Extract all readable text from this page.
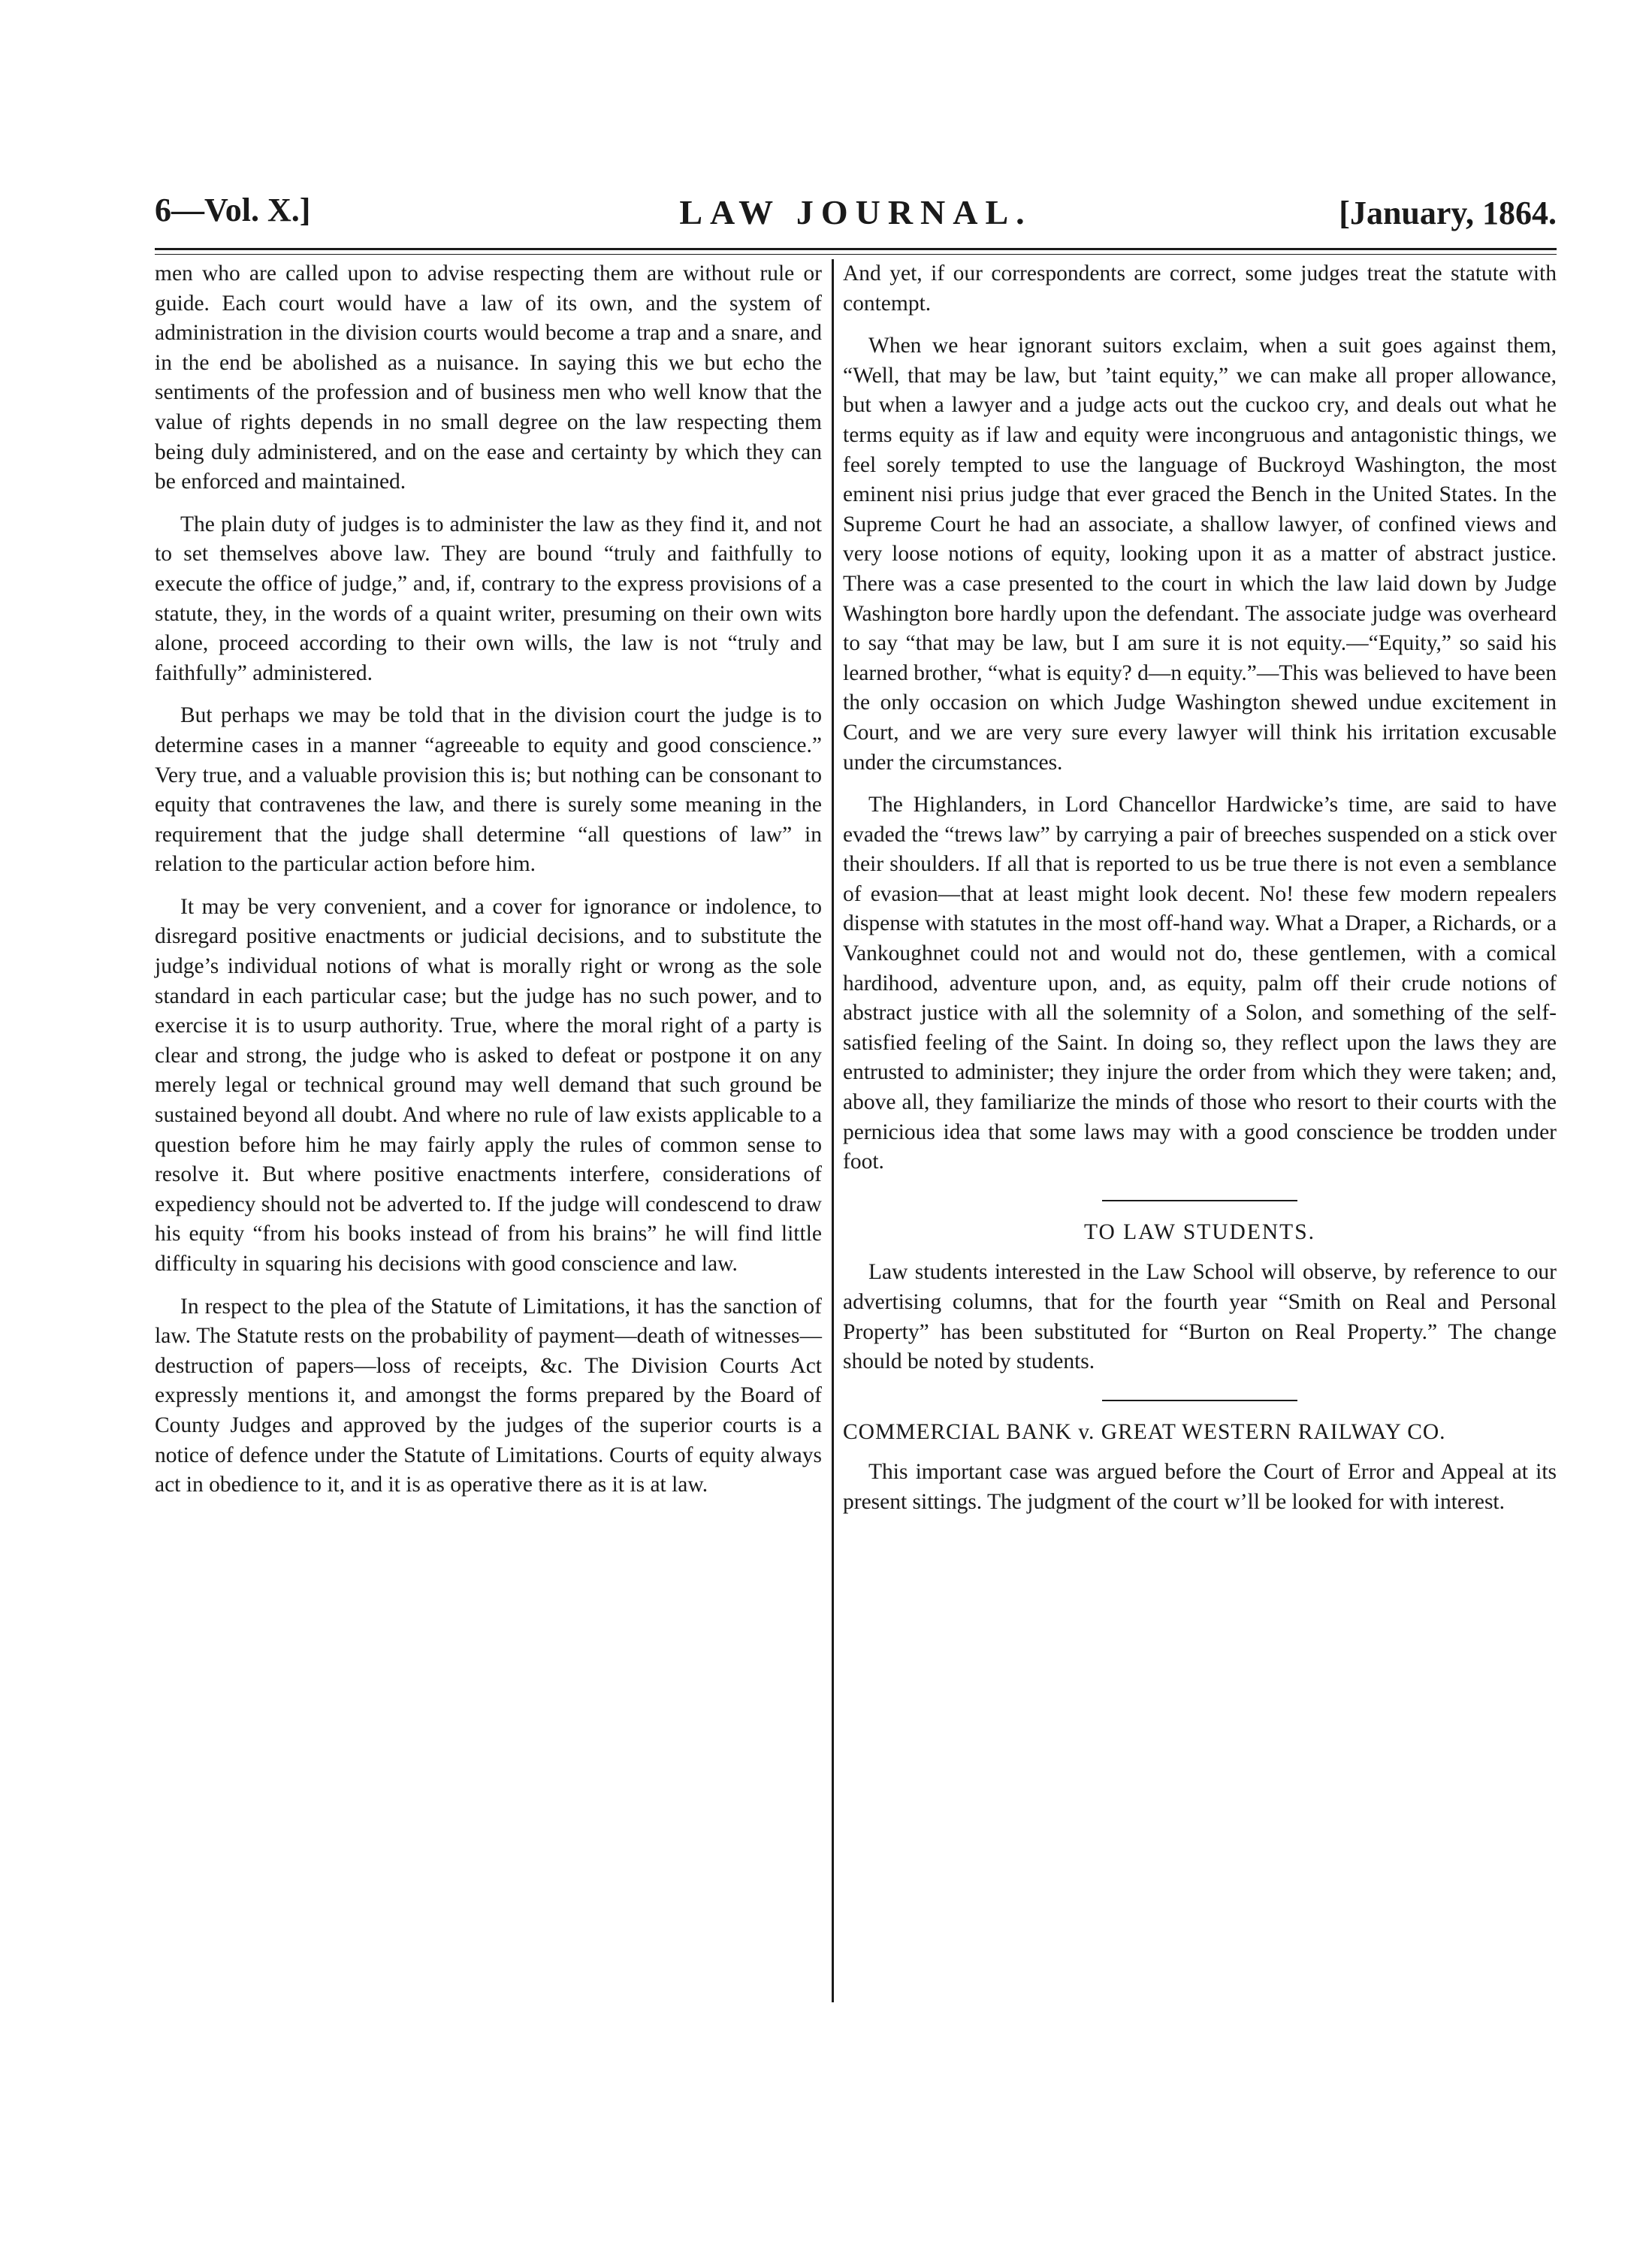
6—Vol. X.]	LAW JOURNAL.	[January, 1864.

men who are called upon to advise respecting them are without rule or guide. Each court would have a law of its own, and the system of administration in the division courts would become a trap and a snare, and in the end be abolished as a nuisance. In saying this we but echo the sentiments of the profession and of business men who well know that the value of rights depends in no small degree on the law respecting them being duly administered, and on the ease and certainty by which they can be enforced and maintained.

The plain duty of judges is to administer the law as they find it, and not to set themselves above law. They are bound “truly and faithfully to execute the office of judge,” and, if, contrary to the express provisions of a statute, they, in the words of a quaint writer, presuming on their own wits alone, proceed according to their own wills, the law is not “truly and faithfully” administered.

But perhaps we may be told that in the division court the judge is to determine cases in a manner “agreeable to equity and good conscience.” Very true, and a valuable provision this is; but nothing can be consonant to equity that contravenes the law, and there is surely some meaning in the requirement that the judge shall determine “all questions of law” in relation to the particular action before him.

It may be very convenient, and a cover for ignorance or indolence, to disregard positive enactments or judicial decisions, and to substitute the judge’s individual notions of what is morally right or wrong as the sole standard in each particular case; but the judge has no such power, and to exercise it is to usurp authority. True, where the moral right of a party is clear and strong, the judge who is asked to defeat or postpone it on any merely legal or technical ground may well demand that such ground be sustained beyond all doubt. And where no rule of law exists applicable to a question before him he may fairly apply the rules of common sense to resolve it. But where positive enactments interfere, considerations of expediency should not be adverted to. If the judge will condescend to draw his equity “from his books instead of from his brains” he will find little difficulty in squaring his decisions with good conscience and law.

In respect to the plea of the Statute of Limitations, it has the sanction of law. The Statute rests on the probability of payment—death of witnesses—destruction of papers—loss of receipts, &c. The Division Courts Act expressly mentions it, and amongst the forms prepared by the Board of County Judges and approved by the judges of the superior courts is a notice of defence under the Statute of Limitations. Courts of equity always act in obedience to it, and it is as operative there as it is at law.

And yet, if our correspondents are correct, some judges treat the statute with contempt.

When we hear ignorant suitors exclaim, when a suit goes against them, “Well, that may be law, but ’taint equity,” we can make all proper allowance, but when a lawyer and a judge acts out the cuckoo cry, and deals out what he terms equity as if law and equity were incongruous and antagonistic things, we feel sorely tempted to use the language of Buckroyd Washington, the most eminent nisi prius judge that ever graced the Bench in the United States. In the Supreme Court he had an associate, a shallow lawyer, of confined views and very loose notions of equity, looking upon it as a matter of abstract justice. There was a case presented to the court in which the law laid down by Judge Washington bore hardly upon the defendant. The associate judge was overheard to say “that may be law, but I am sure it is not equity.—“Equity,” so said his learned brother, “what is equity? d—n equity.”—This was believed to have been the only occasion on which Judge Washington shewed undue excitement in Court, and we are very sure every lawyer will think his irritation excusable under the circumstances.

The Highlanders, in Lord Chancellor Hardwicke’s time, are said to have evaded the “trews law” by carrying a pair of breeches suspended on a stick over their shoulders. If all that is reported to us be true there is not even a semblance of evasion—that at least might look decent. No! these few modern repealers dispense with statutes in the most off-hand way. What a Draper, a Richards, or a Vankoughnet could not and would not do, these gentlemen, with a comical hardihood, adventure upon, and, as equity, palm off their crude notions of abstract justice with all the solemnity of a Solon, and something of the self-satisfied feeling of the Saint. In doing so, they reflect upon the laws they are entrusted to administer; they injure the order from which they were taken; and, above all, they familiarize the minds of those who resort to their courts with the pernicious idea that some laws may with a good conscience be trodden under foot.

TO LAW STUDENTS.

Law students interested in the Law School will observe, by reference to our advertising columns, that for the fourth year “Smith on Real and Personal Property” has been substituted for “Burton on Real Property.” The change should be noted by students.

COMMERCIAL BANK v. GREAT WESTERN RAILWAY CO.

This important case was argued before the Court of Error and Appeal at its present sittings. The judgment of the court w’ll be looked for with interest.
